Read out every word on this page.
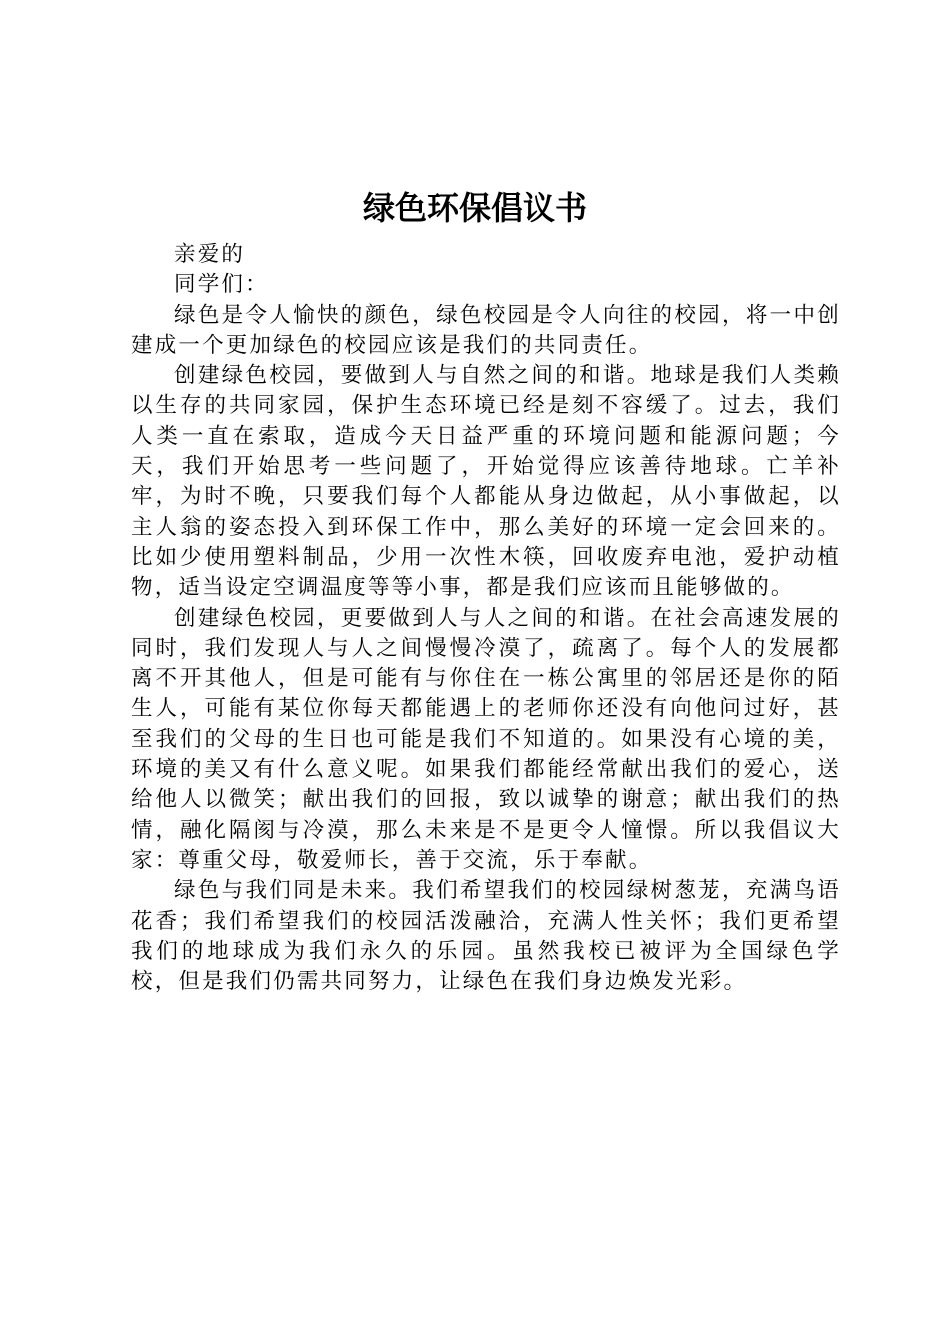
绿色环保倡议书

亲爱的

同学们：

绿色是令人愉快的颜色，绿色校园是令人向往的校园，将一中创建成一个更加绿色的校园应该是我们的共同责任。

创建绿色校园，要做到人与自然之间的和谐。地球是我们人类赖以生存的共同家园，保护生态环境已经是刻不容缓了。过去，我们人类一直在索取，造成今天日益严重的环境问题和能源问题；今天，我们开始思考一些问题了，开始觉得应该善待地球。亡羊补牢，为时不晚，只要我们每个人都能从身边做起，从小事做起，以主人翁的姿态投入到环保工作中，那么美好的环境一定会回来的。比如少使用塑料制品，少用一次性木筷，回收废弃电池，爱护动植物，适当设定空调温度等等小事，都是我们应该而且能够做的。

创建绿色校园，更要做到人与人之间的和谐。在社会高速发展的同时，我们发现人与人之间慢慢冷漠了，疏离了。每个人的发展都离不开其他人，但是可能有与你住在一栋公寓里的邻居还是你的陌生人，可能有某位你每天都能遇上的老师你还没有向他问过好，甚至我们的父母的生日也可能是我们不知道的。如果没有心境的美，环境的美又有什么意义呢。如果我们都能经常献出我们的爱心，送给他人以微笑；献出我们的回报，致以诚挚的谢意；献出我们的热情，融化隔阂与冷漠，那么未来是不是更令人憧憬。所以我倡议大家：尊重父母，敬爱师长，善于交流，乐于奉献。

绿色与我们同是未来。我们希望我们的校园绿树葱茏，充满鸟语花香；我们希望我们的校园活泼融洽，充满人性关怀；我们更希望我们的地球成为我们永久的乐园。虽然我校已被评为全国绿色学校，但是我们仍需共同努力，让绿色在我们身边焕发光彩。
